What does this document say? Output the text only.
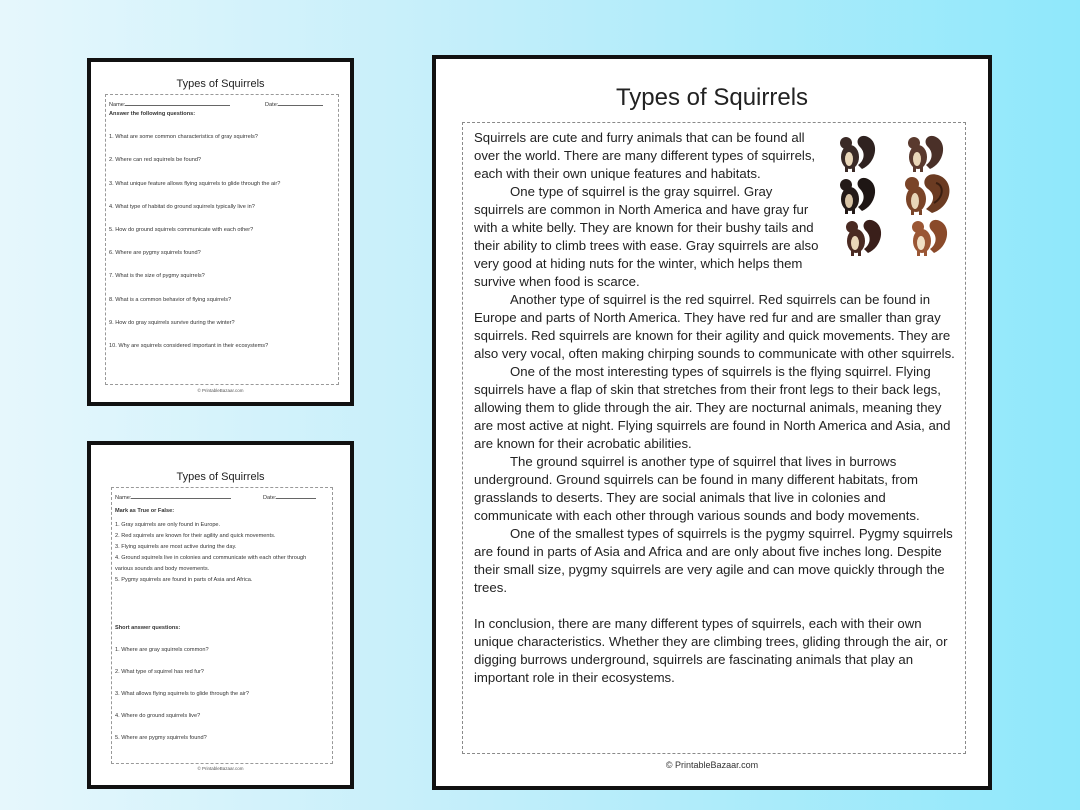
Types of Squirrels
Name:	Date:
Answer the following questions:
1. What are some common characteristics of gray squirrels?
2. Where can red squirrels be found?
3. What unique feature allows flying squirrels to glide through the air?
4. What type of habitat do ground squirrels typically live in?
5. How do ground squirrels communicate with each other?
6. Where are pygmy squirrels found?
7. What is the size of pygmy squirrels?
8. What is a common behavior of flying squirrels?
9. How do gray squirrels survive during the winter?
10. Why are squirrels considered important in their ecosystems?
© PrintableBazaar.com
Types of Squirrels
Name:	Date:
Mark as True or False:
1. Gray squirrels are only found in Europe.
2. Red squirrels are known for their agility and quick movements.
3. Flying squirrels are most active during the day.
4. Ground squirrels live in colonies and communicate with each other through
various sounds and body movements.
5. Pygmy squirrels are found in parts of Asia and Africa.
Short answer questions:
1. Where are gray squirrels common?
2. What type of squirrel has red fur?
3. What allows flying squirrels to glide through the air?
4. Where do ground squirrels live?
5. Where are pygmy squirrels found?
© PrintableBazaar.com
Types of Squirrels

Squirrels are cute and furry animals that can be found all over the world. There are many different types of squirrels, each with their own unique features and habitats.

One type of squirrel is the gray squirrel. Gray squirrels are common in North America and have gray fur with a white belly. They are known for their bushy tails and their ability to climb trees with ease. Gray squirrels are also very good at hiding nuts for the winter, which helps them survive when food is scarce.

Another type of squirrel is the red squirrel. Red squirrels can be found in Europe and parts of North America. They have red fur and are smaller than gray squirrels. Red squirrels are known for their agility and quick movements. They are also very vocal, often making chirping sounds to communicate with other squirrels.

One of the most interesting types of squirrels is the flying squirrel. Flying squirrels have a flap of skin that stretches from their front legs to their back legs, allowing them to glide through the air. They are nocturnal animals, meaning they are most active at night. Flying squirrels are found in North America and Asia, and are known for their acrobatic abilities.

The ground squirrel is another type of squirrel that lives in burrows underground. Ground squirrels can be found in many different habitats, from grasslands to deserts. They are social animals that live in colonies and communicate with each other through various sounds and body movements.

One of the smallest types of squirrels is the pygmy squirrel. Pygmy squirrels are found in parts of Asia and Africa and are only about five inches long. Despite their small size, pygmy squirrels are very agile and can move quickly through the trees.

In conclusion, there are many different types of squirrels, each with their own unique characteristics. Whether they are climbing trees, gliding through the air, or digging burrows underground, squirrels are fascinating animals that play an important role in their ecosystems.

© PrintableBazaar.com
